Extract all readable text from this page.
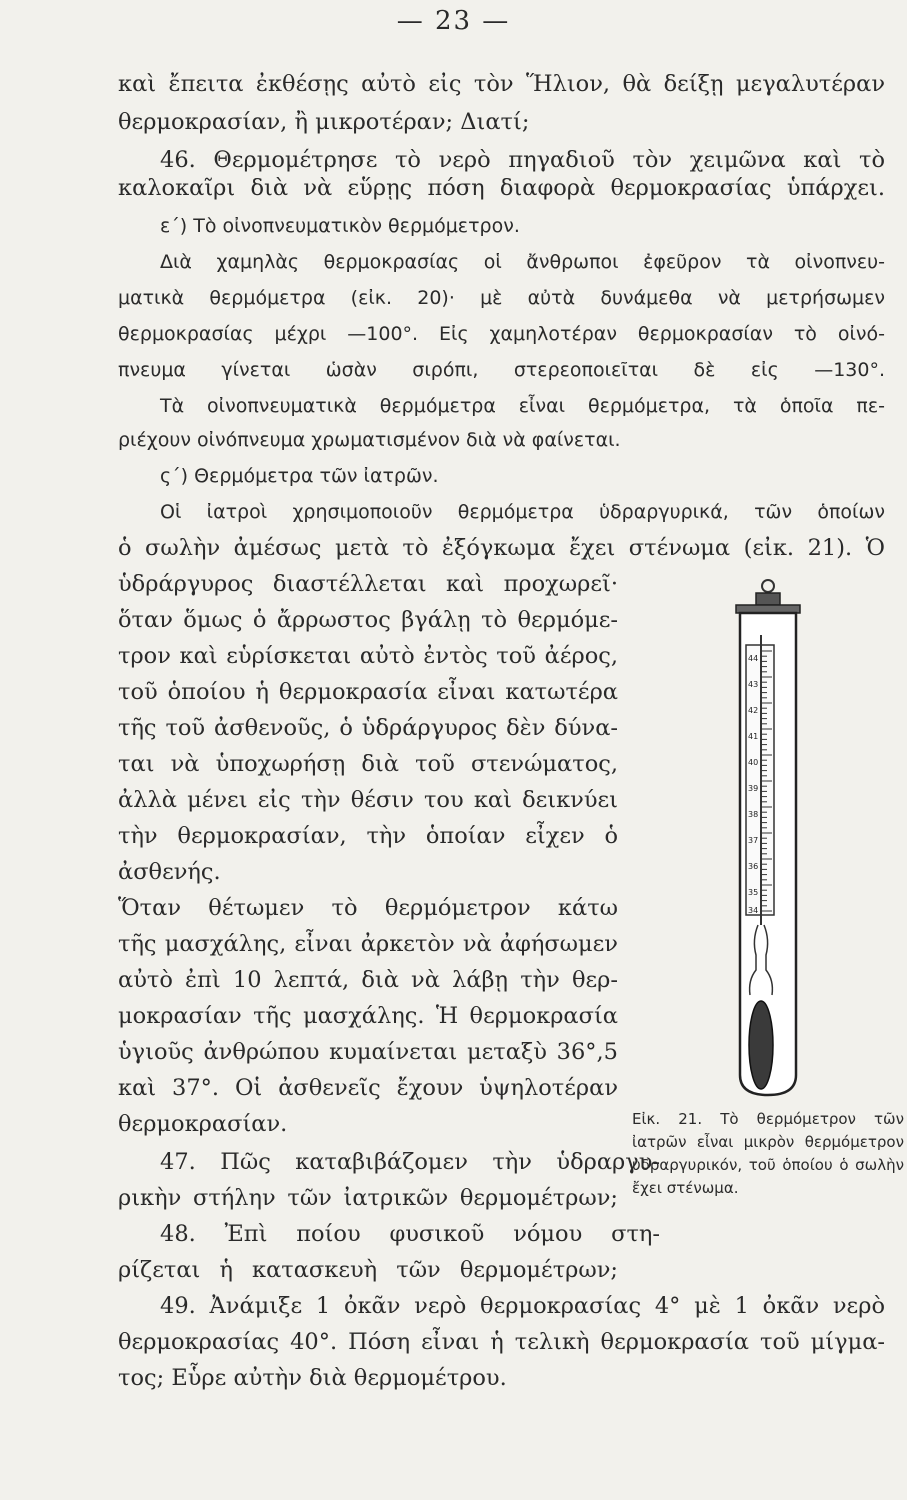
— 23 —
καὶ ἔπειτα ἐκθέσῃς αὐτὸ εἰς τὸν Ἥλιον, θὰ δείξῃ μεγαλυτέραν
θερμοκρασίαν, ἢ μικροτέραν; Διατί;
46. Θερμομέτρησε τὸ νερὸ πηγαδιοῦ τὸν χειμῶνα καὶ τὸ
καλοκαῖρι διὰ νὰ εὕρῃς πόση διαφορὰ θερμοκρασίας ὑπάρχει.
ε΄) Τὸ οἰνοπνευματικὸν θερμόμετρον.
Διὰ χαμηλὰς θερμοκρασίας οἱ ἄνθρωποι ἐφεῦρον τὰ οἰνοπνευ-
ματικὰ θερμόμετρα (εἰκ. 20)· μὲ αὐτὰ δυνάμεθα νὰ μετρήσωμεν
θερμοκρασίας μέχρι —100°. Εἰς χαμηλοτέραν θερμοκρασίαν τὸ οἰνό-
πνευμα γίνεται ὡσὰν σιρόπι, στερεοποιεῖται δὲ εἰς —130°.
Τὰ οἰνοπνευματικὰ θερμόμετρα εἶναι θερμόμετρα, τὰ ὁποῖα πε-
ριέχουν οἰνόπνευμα χρωματισμένον διὰ νὰ φαίνεται.
ς΄) Θερμόμετρα τῶν ἰατρῶν.
Οἱ ἰατροὶ χρησιμοποιοῦν θερμόμετρα ὑδραργυρικά, τῶν ὁποίων
ὁ σωλὴν ἀμέσως μετὰ τὸ ἐξόγκωμα ἔχει στένωμα (εἰκ. 21). Ὁ
ὑδράργυρος διαστέλλεται καὶ προχωρεῖ·
ὅταν ὅμως ὁ ἄρρωστος βγάλῃ τὸ θερμόμε-
τρον καὶ εὑρίσκεται αὐτὸ ἐντὸς τοῦ ἀέρος,
τοῦ ὁποίου ἡ θερμοκρασία εἶναι κατωτέρα
τῆς τοῦ ἀσθενοῦς, ὁ ὑδράργυρος δὲν δύνα-
ται νὰ ὑποχωρήσῃ διὰ τοῦ στενώματος,
ἀλλὰ μένει εἰς τὴν θέσιν του καὶ δεικνύει
τὴν θερμοκρασίαν, τὴν ὁποίαν εἶχεν ὁ
ἀσθενής.
Ὅταν θέτωμεν τὸ θερμόμετρον κάτω
τῆς μασχάλης, εἶναι ἀρκετὸν νὰ ἀφήσωμεν
αὐτὸ ἐπὶ 10 λεπτά, διὰ νὰ λάβῃ τὴν θερ-
μοκρασίαν τῆς μασχάλης. Ἡ θερμοκρασία
ὑγιοῦς ἀνθρώπου κυμαίνεται μεταξὺ 36°,5
καὶ 37°. Οἱ ἀσθενεῖς ἔχουν ὑψηλοτέραν
θερμοκρασίαν.
47. Πῶς καταβιβάζομεν τὴν ὑδραργυ-
ρικὴν στήλην τῶν ἰατρικῶν θερμομέτρων;
48. Ἐπὶ ποίου φυσικοῦ νόμου στη-
ρίζεται ἡ κατασκευὴ τῶν θερμομέτρων;
49. Ἀνάμιξε 1 ὀκᾶν νερὸ θερμοκρασίας 4° μὲ 1 ὀκᾶν νερὸ
θερμοκρασίας 40°. Πόση εἶναι ἡ τελικὴ θερμοκρασία τοῦ μίγμα-
τος; Εὗρε αὐτὴν διὰ θερμομέτρου.
44
43
42
41
40
39
38
37
36
35
34
Εἰκ. 21. Τὸ θερμόμετρον τῶν ἰατρῶν εἶναι μικρὸν θερμόμετρον ὑδραργυρικόν, τοῦ ὁποίου ὁ σωλὴν ἔχει στένωμα.
